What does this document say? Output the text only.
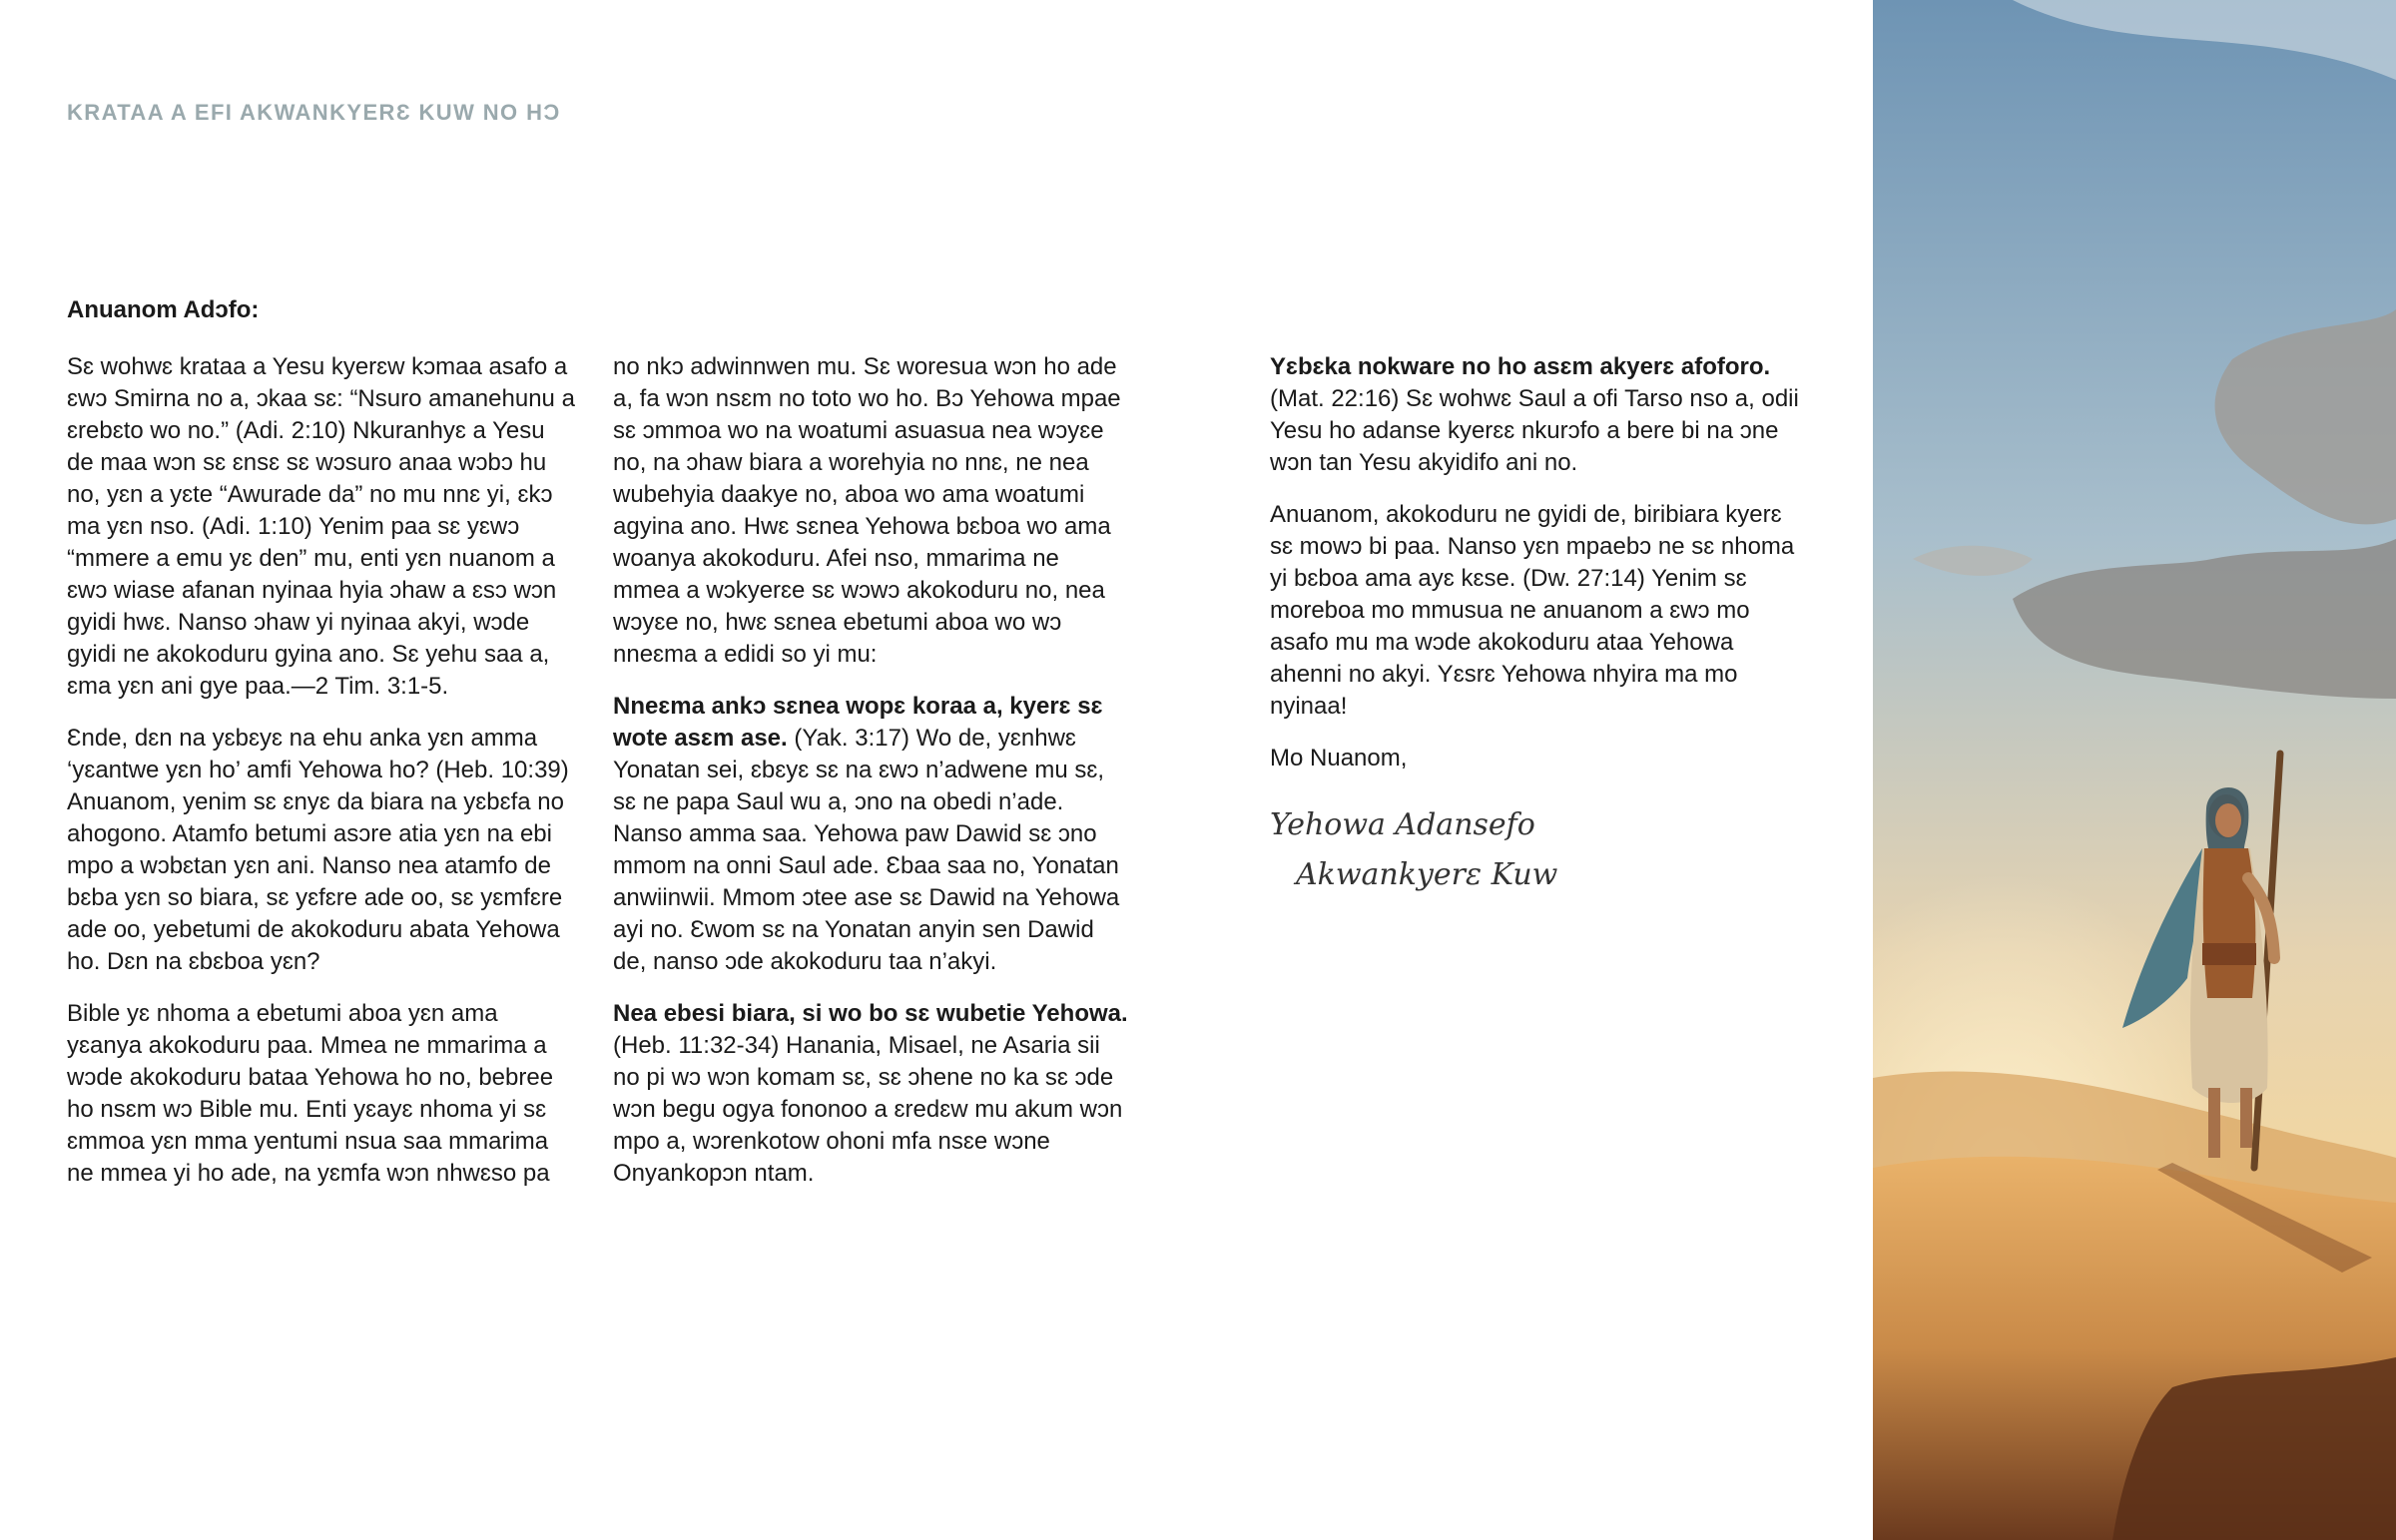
KRATAA A EFI AKWANKYERƐ KUW NO HƆ
Anuanom Adɔfo:

Sɛ wohwɛ krataa a Yesu kyerɛw kɔmaa asafo a ɛwɔ Smirna no a, ɔkaa sɛ: “Nsuro amanehunu a ɛrebɛto wo no.” (Adi. 2:10) Nkuranhyɛ a Yesu de maa wɔn sɛ ɛnsɛ sɛ wɔsuro anaa wɔbɔ hu no, yɛn a yɛte “Awurade da” no mu nnɛ yi, ɛkɔ ma yɛn nso. (Adi. 1:10) Yenim paa sɛ yɛwɔ “mmere a emu yɛ den” mu, enti yɛn nuanom a ɛwɔ wiase afanan nyinaa hyia ɔhaw a ɛsɔ wɔn gyidi hwɛ. Nanso ɔhaw yi nyinaa akyi, wɔde gyidi ne akokoduru gyina ano. Sɛ yehu saa a, ɛma yɛn ani gye paa.—2 Tim. 3:1-5.

Ɛnde, dɛn na yɛbɛyɛ na ehu anka yɛn amma ‘yɛantwe yɛn ho’ amfi Yehowa ho? (Heb. 10:39) Anuanom, yenim sɛ ɛnyɛ da biara na yɛbɛfa no ahogono. Atamfo betumi asɔre atia yɛn na ebi mpo a wɔbɛtan yɛn ani. Nanso nea atamfo de bɛba yɛn so biara, sɛ yɛfɛre ade oo, sɛ yɛmfɛre ade oo, yebetumi de akokoduru abata Yehowa ho. Dɛn na ɛbɛboa yɛn?

Bible yɛ nhoma a ebetumi aboa yɛn ama yɛanya akokoduru paa. Mmea ne mmarima a wɔde akokoduru bataa Yehowa ho no, bebree ho nsɛm wɔ Bible mu. Enti yɛayɛ nhoma yi sɛ ɛmmoa yɛn mma yentumi nsua saa mmarima ne mmea yi ho ade, na yɛmfa wɔn nhwɛso pa

no nkɔ adwinnwen mu. Sɛ woresua wɔn ho ade a, fa wɔn nsɛm no toto wo ho. Bɔ Yehowa mpae sɛ ɔmmoa wo na woatumi asuasua nea wɔyɛe no, na ɔhaw biara a worehyia no nnɛ, ne nea wubehyia daakye no, aboa wo ama woatumi agyina ano. Hwɛ sɛnea Yehowa bɛboa wo ama woanya akokoduru. Afei nso, mmarima ne mmea a wɔkyerɛe sɛ wɔwɔ akokoduru no, nea wɔyɛe no, hwɛ sɛnea ebetumi aboa wo wɔ nneɛma a edidi so yi mu:

Nneɛma ankɔ sɛnea wopɛ koraa a, kyerɛ sɛ wote asɛm ase. (Yak. 3:17) Wo de, yɛnhwɛ Yonatan sei, ɛbɛyɛ sɛ na ɛwɔ n’adwene mu sɛ, sɛ ne papa Saul wu a, ɔno na obedi n’ade. Nanso amma saa. Yehowa paw Dawid sɛ ɔno mmom na onni Saul ade. Ɛbaa saa no, Yonatan anwiinwii. Mmom ɔtee ase sɛ Dawid na Yehowa ayi no. Ɛwom sɛ na Yonatan anyin sen Dawid de, nanso ɔde akokoduru taa n’akyi.

Nea ebesi biara, si wo bo sɛ wubetie Yehowa. (Heb. 11:32-34) Hanania, Misael, ne Asaria sii no pi wɔ wɔn komam sɛ, sɛ ɔhene no ka sɛ ɔde wɔn begu ogya fononoo a ɛredɛw mu akum wɔn mpo a, wɔrenkotow ohoni mfa nsɛe wɔne Onyankopɔn ntam.

Yɛbɛka nokware no ho asɛm akyerɛ afoforo. (Mat. 22:16) Sɛ wohwɛ Saul a ofi Tarso nso a, odii Yesu ho adanse kyerɛɛ nkurɔfo a bere bi na ɔne wɔn tan Yesu akyidifo ani no.

Anuanom, akokoduru ne gyidi de, biribiara kyerɛ sɛ mowɔ bi paa. Nanso yɛn mpaebɔ ne sɛ nhoma yi bɛboa ama ayɛ kɛse. (Dw. 27:14) Yenim sɛ moreboa mo mmusua ne anuanom a ɛwɔ mo asafo mu ma wɔde akokoduru ataa Yehowa ahenni no akyi. Yɛsrɛ Yehowa nhyira ma mo nyinaa!

Mo Nuanom,

Yehowa Adansefo
Akwankyerɛ Kuw
